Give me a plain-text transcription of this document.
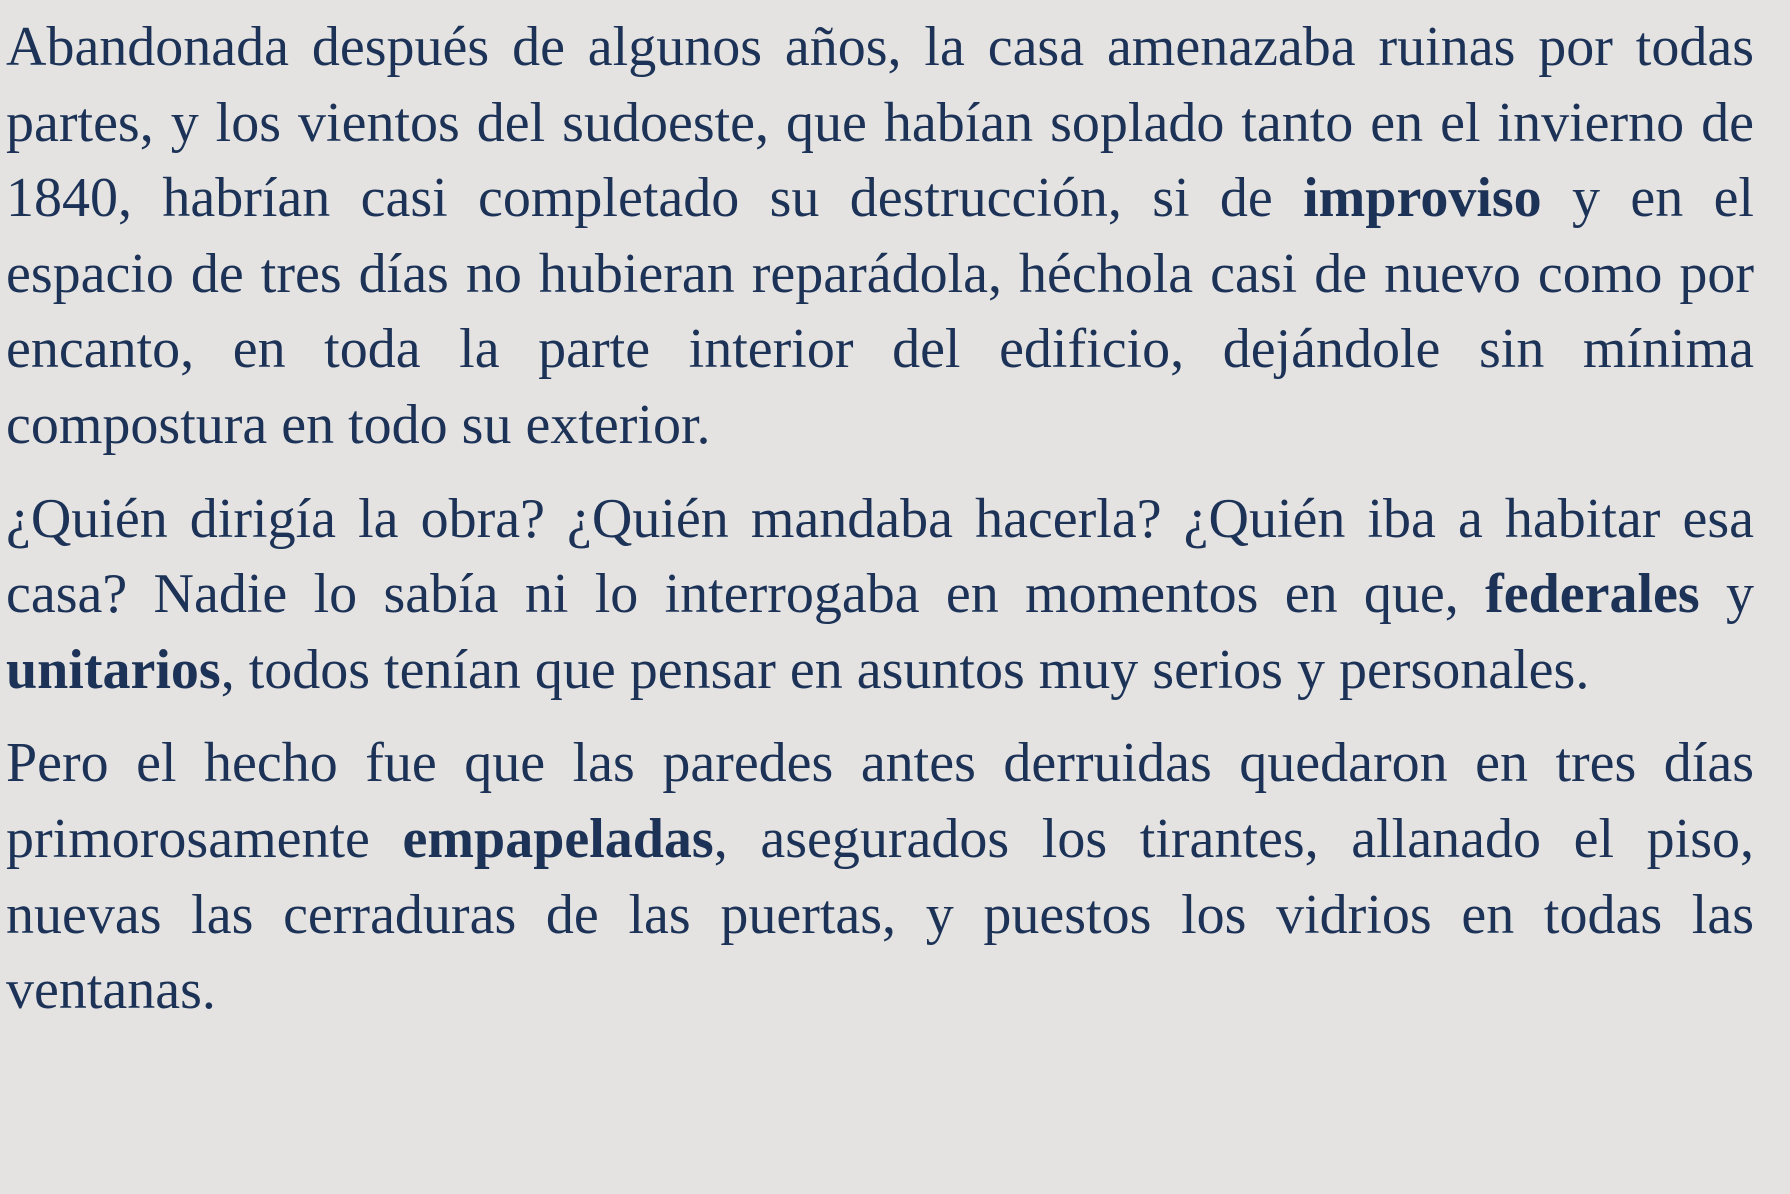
Abandonada después de algunos años, la casa amenazaba ruinas por todas partes, y los vientos del sudoeste, que habían soplado tanto en el invierno de 1840, habrían casi completado su destrucción, si de improviso y en el espacio de tres días no hubieran reparádola, héchola casi de nuevo como por encanto, en toda la parte interior del edificio, dejándole sin mínima compostura en todo su exterior.

¿Quién dirigía la obra? ¿Quién mandaba hacerla? ¿Quién iba a habitar esa casa? Nadie lo sabía ni lo interrogaba en momentos en que, federales y unitarios, todos tenían que pensar en asuntos muy serios y personales.

Pero el hecho fue que las paredes antes derruidas quedaron en tres días primorosamente empapeladas, asegurados los tirantes, allanado el piso, nuevas las cerraduras de las puertas, y puestos los vidrios en todas las ventanas.
